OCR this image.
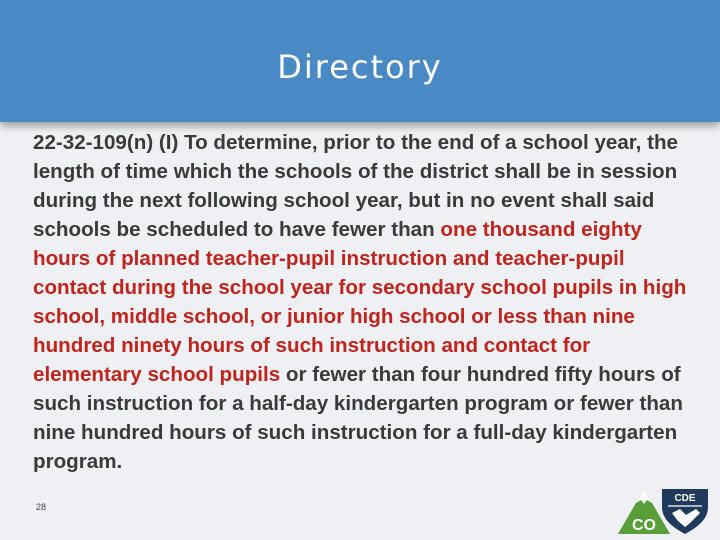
Directory
22-32-109(n) (I) To determine, prior to the end of a school year, the length of time which the schools of the district shall be in session during the next following school year, but in no event shall said schools be scheduled to have fewer than one thousand eighty hours of planned teacher-pupil instruction and teacher-pupil contact during the school year for secondary school pupils in high school, middle school, or junior high school or less than nine hundred ninety hours of such instruction and contact for elementary school pupils or fewer than four hundred fifty hours of such instruction for a half-day kindergarten program or fewer than nine hundred hours of such instruction for a full-day kindergarten program.
28
CO
CDE
